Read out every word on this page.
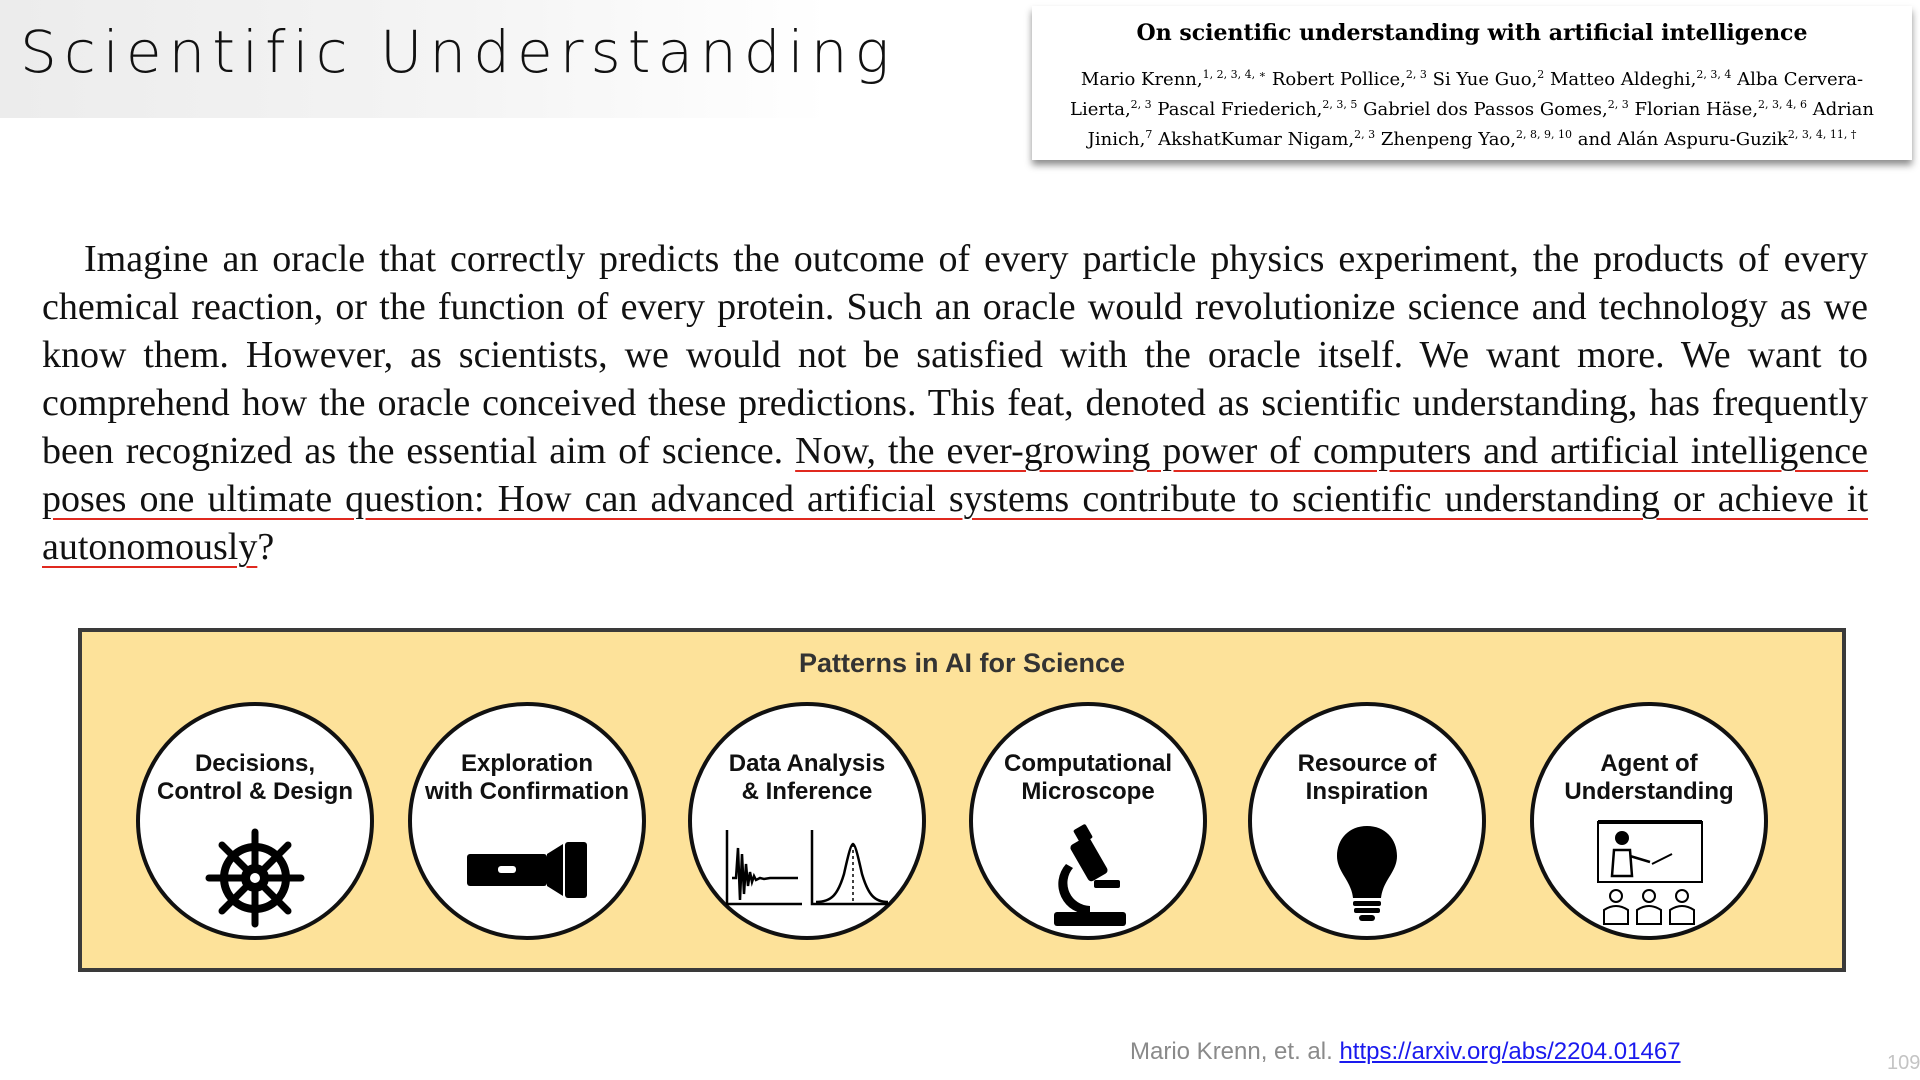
Scientific Understanding	On scientific understanding with artificial intelligence
Mario Krenn,$^{1, 2, 3, 4, ∗}$ Robert Pollice,$^{2, 3}$ Si Yue Guo,$^2$ Matteo Aldeghi,$^{2, 3, 4}$ Alba Cervera-Lierta,$^{2, 3}$ Pascal Friederich,$^{2, 3, 5}$ Gabriel dos Passos Gomes,$^{2, 3}$ Florian Häse,$^{2, 3, 4, 6}$ Adrian Jinich,$^7$ AkshatKumar Nigam,$^{2, 3}$ Zhenpeng Yao,$^{2, 8, 9, 10}$ and Alán Aspuru-Guzik$^{2, 3, 4, 11, \dagger}$

Imagine an oracle that correctly predicts the outcome of every particle physics experiment, the products of every chemical reaction, or the function of every protein. Such an oracle would revolutionize science and technology as we know them. However, as scientists, we would not be satisfied with the oracle itself. We want more. We want to comprehend how the oracle conceived these predictions. This feat, denoted as scientific understanding, has frequently been recognized as the essential aim of science. Now, the ever-growing power of computers and artificial intelligence poses one ultimate question: How can advanced artificial systems contribute to scientific understanding or achieve it autonomously?

Patterns in AI for Science
Decisions,
Control & Design
Exploration
with Confirmation
Data Analysis
& Inference
Computational
Microscope
Resource of
Inspiration
Agent of
Understanding
Mario Krenn, et. al. https://arxiv.org/abs/2204.01467	109
